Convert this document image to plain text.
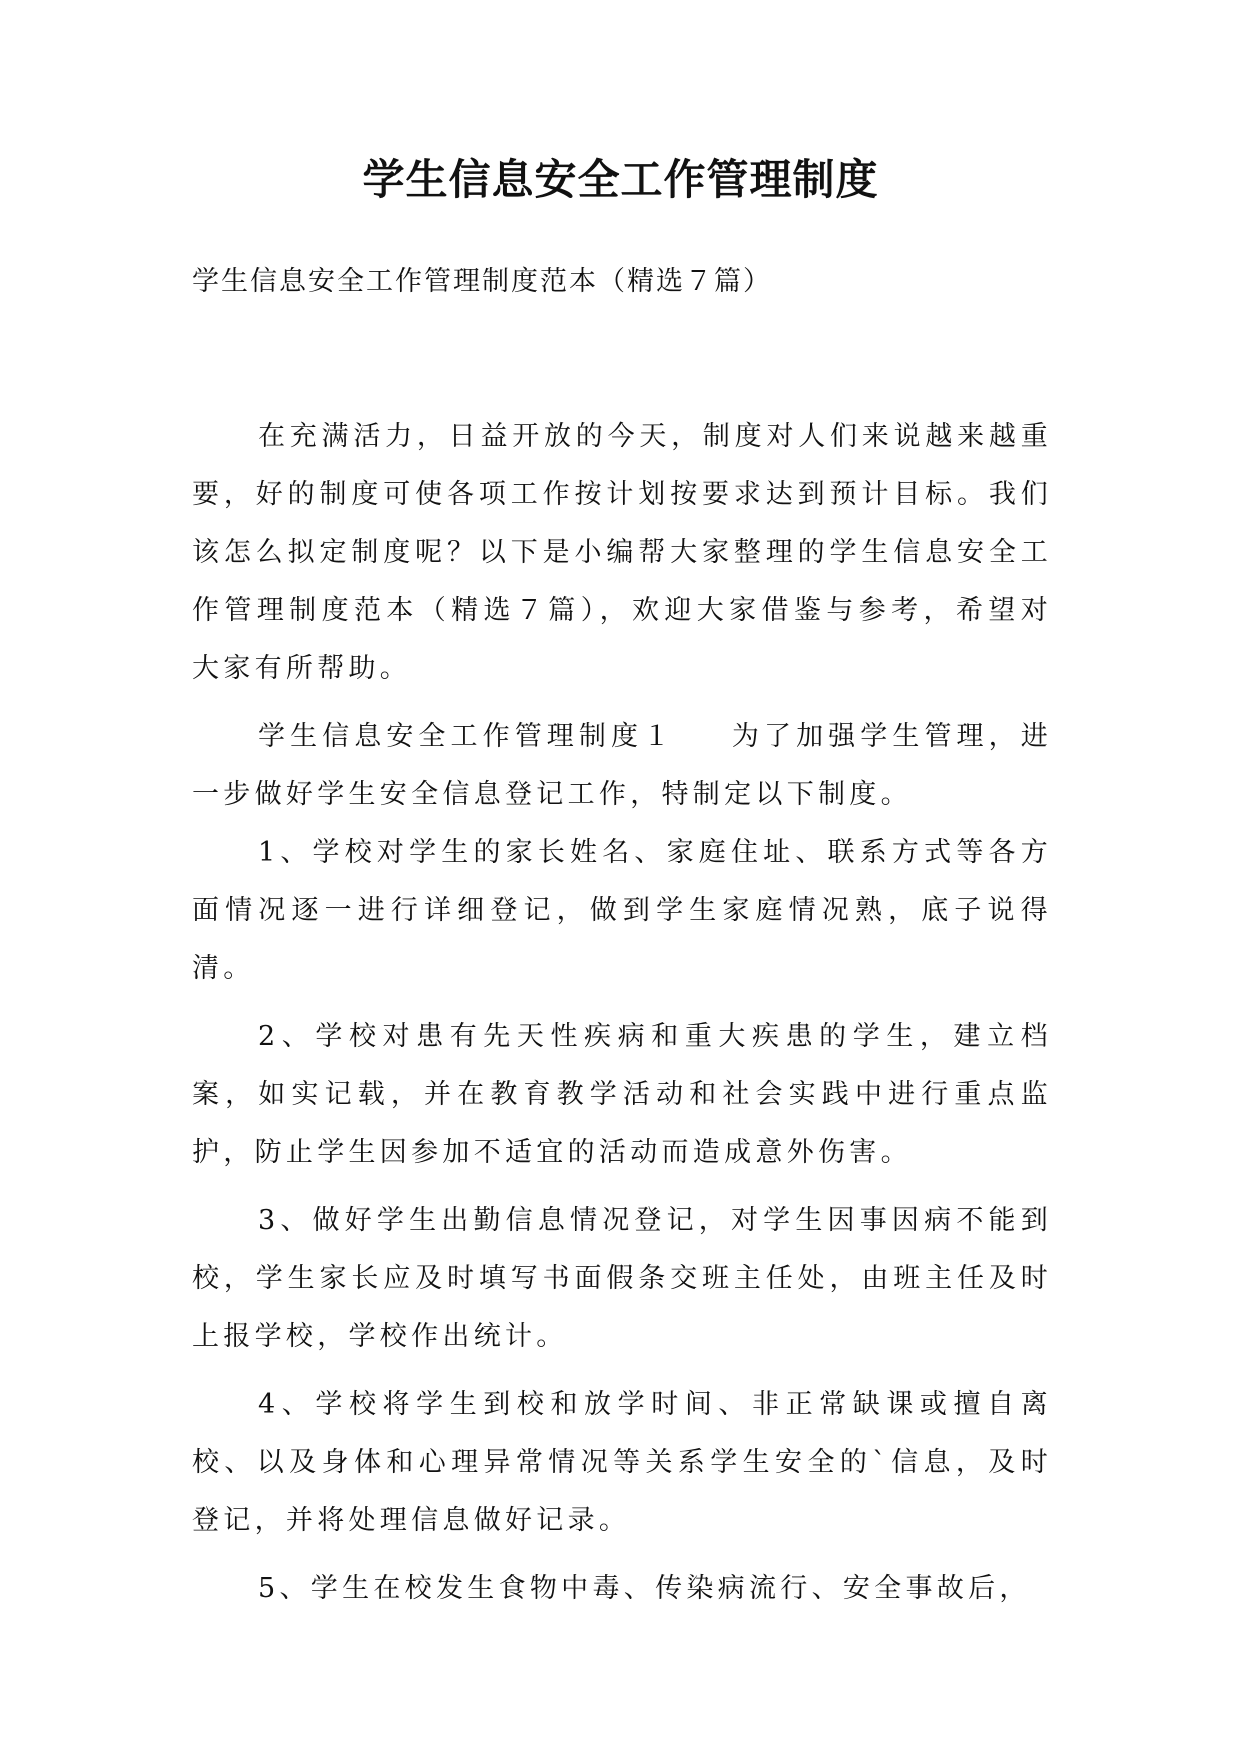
学生信息安全工作管理制度

学生信息安全工作管理制度范本（精选７篇）

在充满活力，日益开放的今天，制度对人们来说越来越重要，好的制度可使各项工作按计划按要求达到预计目标。我们该怎么拟定制度呢？以下是小编帮大家整理的学生信息安全工作管理制度范本（精选７篇），欢迎大家借鉴与参考，希望对大家有所帮助。

学生信息安全工作管理制度１ 为了加强学生管理，进一步做好学生安全信息登记工作，特制定以下制度。

1、学校对学生的家长姓名、家庭住址、联系方式等各方面情况逐一进行详细登记，做到学生家庭情况熟，底子说得清。

2、学校对患有先天性疾病和重大疾患的学生，建立档案，如实记载，并在教育教学活动和社会实践中进行重点监护，防止学生因参加不适宜的活动而造成意外伤害。

3、做好学生出勤信息情况登记，对学生因事因病不能到校，学生家长应及时填写书面假条交班主任处，由班主任及时上报学校，学校作出统计。

4、学校将学生到校和放学时间、非正常缺课或擅自离校、以及身体和心理异常情况等关系学生安全的`信息，及时登记，并将处理信息做好记录。

5、学生在校发生食物中毒、传染病流行、安全事故后，
